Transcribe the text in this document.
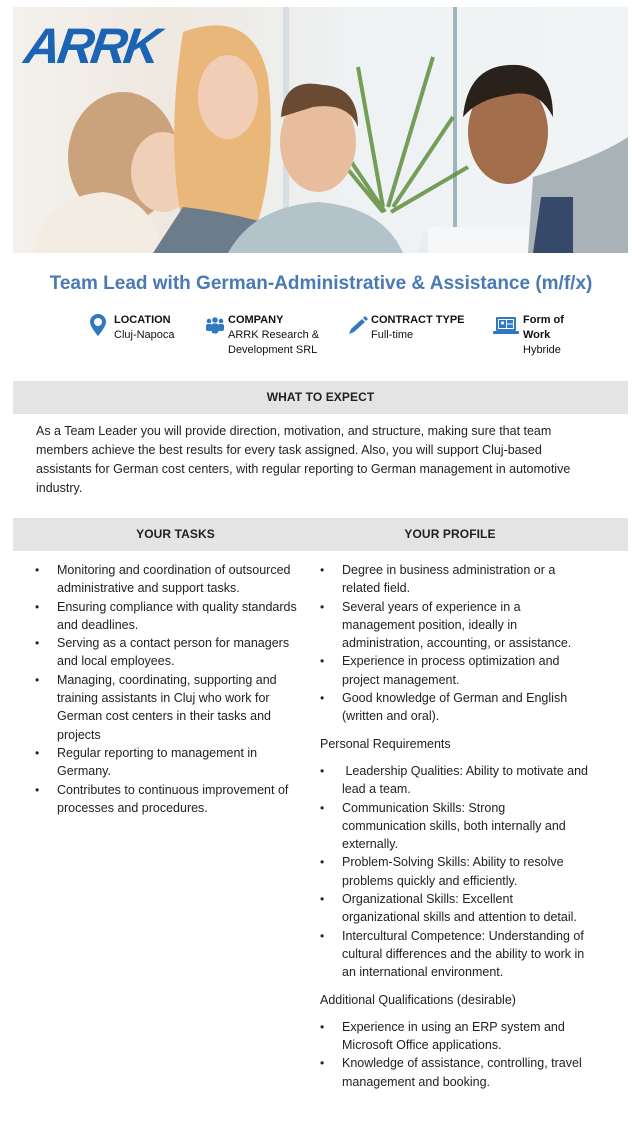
ARRK
Team Lead with German-Administrative & Assistance (m/f/x)
LOCATION
Cluj-Napoca
COMPANY
ARRK Research &
Development SRL
CONTRACT TYPE
Full-time
Form of
Work
Hybride
WHAT TO EXPECT

As a Team Leader you will provide direction, motivation, and structure, making sure that team members achieve the best results for every task assigned. Also, you will support Cluj-based assistants for German cost centers, with regular reporting to German management in automotive industry.

YOUR TASKS	YOUR PROFILE
• Monitoring and coordination of outsourced administrative and support tasks.
• Ensuring compliance with quality standards and deadlines.
• Serving as a contact person for managers and local employees.
• Managing, coordinating, supporting and training assistants in Cluj who work for German cost centers in their tasks and projects
• Regular reporting to management in Germany.
• Contributes to continuous improvement of processes and procedures.
• Degree in business administration or a related field.
• Several years of experience in a management position, ideally in administration, accounting, or assistance.
• Experience in process optimization and project management.
• Good knowledge of German and English (written and oral).
Personal Requirements
•  Leadership Qualities: Ability to motivate and lead a team.
• Communication Skills: Strong communication skills, both internally and externally.
• Problem-Solving Skills: Ability to resolve problems quickly and efficiently.
• Organizational Skills: Excellent organizational skills and attention to detail.
• Intercultural Competence: Understanding of cultural differences and the ability to work in an international environment.
Additional Qualifications (desirable)
• Experience in using an ERP system and Microsoft Office applications.
• Knowledge of assistance, controlling, travel management and booking.
